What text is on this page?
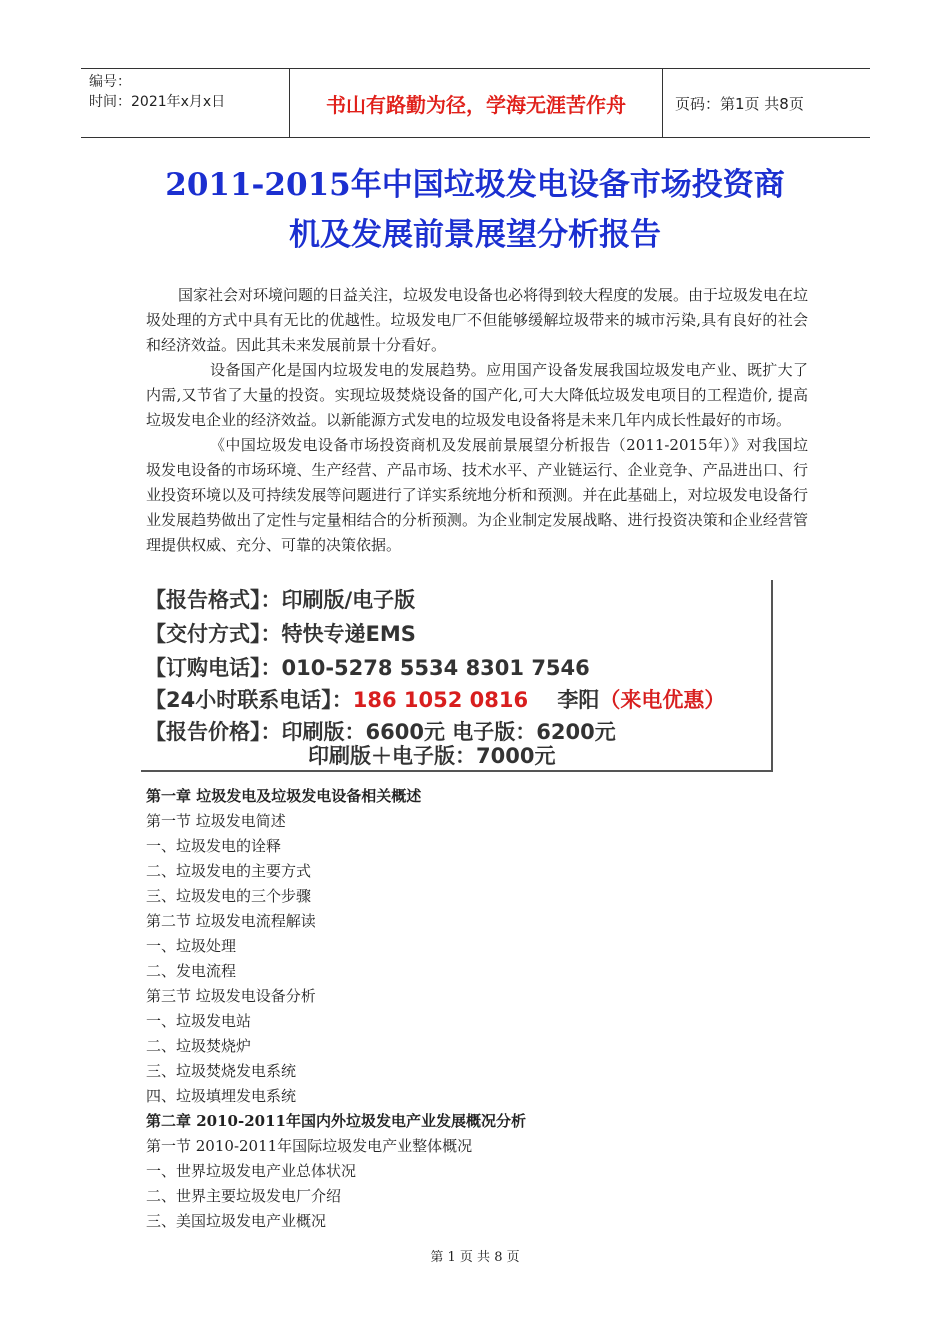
编号：
时间：2021年x月x日	书山有路勤为径，学海无涯苦作舟	页码：第1页 共8页
2011-2015年中国垃圾发电设备市场投资商
机及发展前景展望分析报告

国家社会对环境问题的日益关注，垃圾发电设备也必将得到较大程度的发展。由于垃圾发电在垃圾处理的方式中具有无比的优越性。垃圾发电厂不但能够缓解垃圾带来的城市污染,具有良好的社会和经济效益。因此其未来发展前景十分看好。

设备国产化是国内垃圾发电的发展趋势。应用国产设备发展我国垃圾发电产业、既扩大了内需,又节省了大量的投资。实现垃圾焚烧设备的国产化,可大大降低垃圾发电项目的工程造价, 提高垃圾发电企业的经济效益。以新能源方式发电的垃圾发电设备将是未来几年内成长性最好的市场。

《中国垃圾发电设备市场投资商机及发展前景展望分析报告（2011-2015年）》对我国垃圾发电设备的市场环境、生产经营、产品市场、技术水平、产业链运行、企业竞争、产品进出口、行业投资环境以及可持续发展等问题进行了详实系统地分析和预测。并在此基础上，对垃圾发电设备行业发展趋势做出了定性与定量相结合的分析预测。为企业制定发展战略、进行投资决策和企业经营管理提供权威、充分、可靠的决策依据。

【报告格式】：印刷版/电子版
【交付方式】：特快专递EMS
【订购电话】：010-5278 5534 8301 7546
【24小时联系电话】：186 1052 0816 李阳（来电优惠）
【报告价格】：印刷版：6600元 电子版：6200元
印刷版＋电子版：7000元
第一章 垃圾发电及垃圾发电设备相关概述
第一节 垃圾发电简述
一、垃圾发电的诠释
二、垃圾发电的主要方式
三、垃圾发电的三个步骤
第二节 垃圾发电流程解读
一、垃圾处理
二、发电流程
第三节 垃圾发电设备分析
一、垃圾发电站
二、垃圾焚烧炉
三、垃圾焚烧发电系统
四、垃圾填埋发电系统
第二章 2010-2011年国内外垃圾发电产业发展概况分析
第一节 2010-2011年国际垃圾发电产业整体概况
一、世界垃圾发电产业总体状况
二、世界主要垃圾发电厂介绍
三、美国垃圾发电产业概况
第 1 页 共 8 页
